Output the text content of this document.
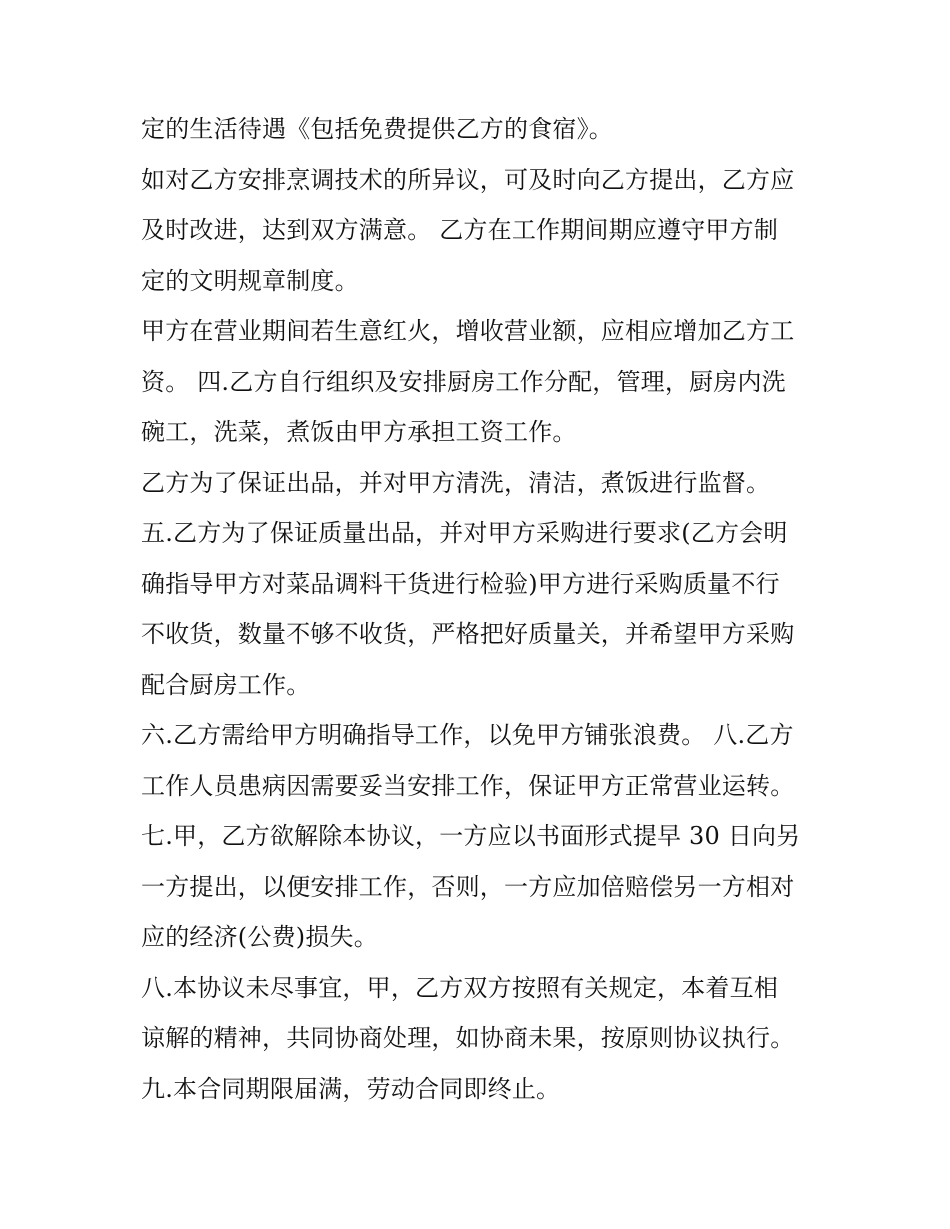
定的生活待遇《包括免费提供乙方的食宿》。
如对乙方安排烹调技术的所异议，可及时向乙方提出，乙方应
及时改进，达到双方满意。 乙方在工作期间期应遵守甲方制
定的文明规章制度。
甲方在营业期间若生意红火，增收营业额，应相应增加乙方工
资。 四.乙方自行组织及安排厨房工作分配，管理，厨房内洗
碗工，洗菜，煮饭由甲方承担工资工作。
乙方为了保证出品，并对甲方清洗，清洁，煮饭进行监督。
五.乙方为了保证质量出品，并对甲方采购进行要求(乙方会明
确指导甲方对菜品调料干货进行检验)甲方进行采购质量不行
不收货，数量不够不收货，严格把好质量关，并希望甲方采购
配合厨房工作。
六.乙方需给甲方明确指导工作，以免甲方铺张浪费。 八.乙方
工作人员患病因需要妥当安排工作，保证甲方正常营业运转。
七.甲，乙方欲解除本协议，一方应以书面形式提早 30 日向另
一方提出，以便安排工作，否则，一方应加倍赔偿另一方相对
应的经济(公费)损失。
八.本协议未尽事宜，甲，乙方双方按照有关规定，本着互相
谅解的精神，共同协商处理，如协商未果，按原则协议执行。
九.本合同期限届满，劳动合同即终止。
